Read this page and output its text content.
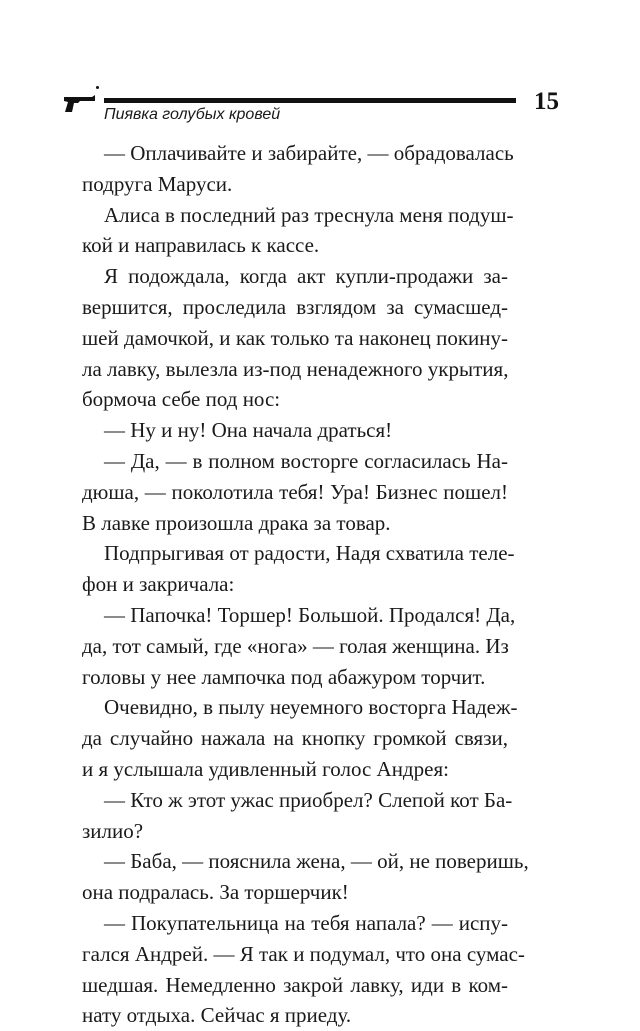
Пиявка голубых кровей	15
— Оплачивайте и забирайте, — обрадовалась
подруга Маруси.
Алиса в последний раз треснула меня подуш-
кой и направилась к кассе.
Я подождала, когда акт купли-продажи за-
вершится, проследила взглядом за сумасшед-
шей дамочкой, и как только та наконец покину-
ла лавку, вылезла из-под ненадежного укрытия,
бормоча себе под нос:
— Ну и ну! Она начала драться!
— Да, — в полном восторге согласилась На-
дюша, — поколотила тебя! Ура! Бизнес пошел!
В лавке произошла драка за товар.
Подпрыгивая от радости, Надя схватила теле-
фон и закричала:
— Папочка! Торшер! Большой. Продался! Да,
да, тот самый, где «нога» — голая женщина. Из
головы у нее лампочка под абажуром торчит.
Очевидно, в пылу неуемного восторга Надеж-
да случайно нажала на кнопку громкой связи,
и я услышала удивленный голос Андрея:
— Кто ж этот ужас приобрел? Слепой кот Ба-
зилио?
— Баба, — пояснила жена, — ой, не поверишь,
она подралась. За торшерчик!
— Покупательница на тебя напала? — испу-
гался Андрей. — Я так и подумал, что она сумас-
шедшая. Немедленно закрой лавку, иди в ком-
нату отдыха. Сейчас я приеду.
